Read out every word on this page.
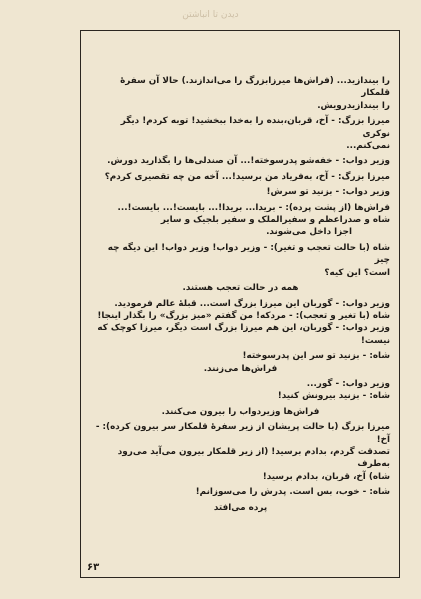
دیدن تا انباشتن

را بیندازید... (فراش‌ها میرزا‌بزرگ را می‌اندازند.) حالا آن سفرهٔ قلمکار

را بیندازیدرویش.

میرزا بزرگ: - آخ، قربان،بنده را به‌خدا ببخشید! توبه کردم! دیگر نوکری

نمی‌کنم...

وزیر دواب: - خفه‌شو پدرسوخته!... آن صندلی‌ها را بگذارید دورش.

میرزا بزرگ: - آخ، به‌فریاد من برسید!... آخه من چه تقصیری کردم؟

وزیر دواب: - بزنید تو سرش!

فراش‌ها (از پشت پرده): - بریدا... بریدا!... بایست!... بایست!...

شاه و صدراعظم و سفیرالملک و سفیر بلجیک و سایر

اجزا داخل می‌شوند.

شاه (با حالت تعجب و تغیر): - وزیر دواب! وزیر دواب! این دیگه چه چیز

است؟ این کیه؟

همه در حالت تعجب هستند.

وزیر دواب: - گوربان این میرزا بزرگ است... قبلهٔ عالم فرمودید.

شاه (با تغیر و تعجب): - مردکه! من گفتم «میز بزرگ» را بگذار اینجا!

وزیر دواب: - گوربان، این هم میرزا بزرگ است دیگر، میرزا کوچک که

نیست!

شاه: - بزنید تو سر این پدرسوخته!

فراش‌ها می‌زنند.

وزیر دواب: - گور...

شاه: - بزنید بیرونش کنید!

فراش‌ها وزیردواب را بیرون می‌کنند.

میرزا بزرگ (با حالت پریشان از زیر سفرهٔ قلمکار سر بیرون کرده): - آخ!

تصدقت گردم، بدادم برسید! (از زیر قلمکار بیرون می‌آید می‌رود به‌طرف

شاه) آخ، قربان، بدادم برسید!

شاه: - خوب، بس است. پدرش را می‌سوزانم!

پرده می‌افتد

۶۳
